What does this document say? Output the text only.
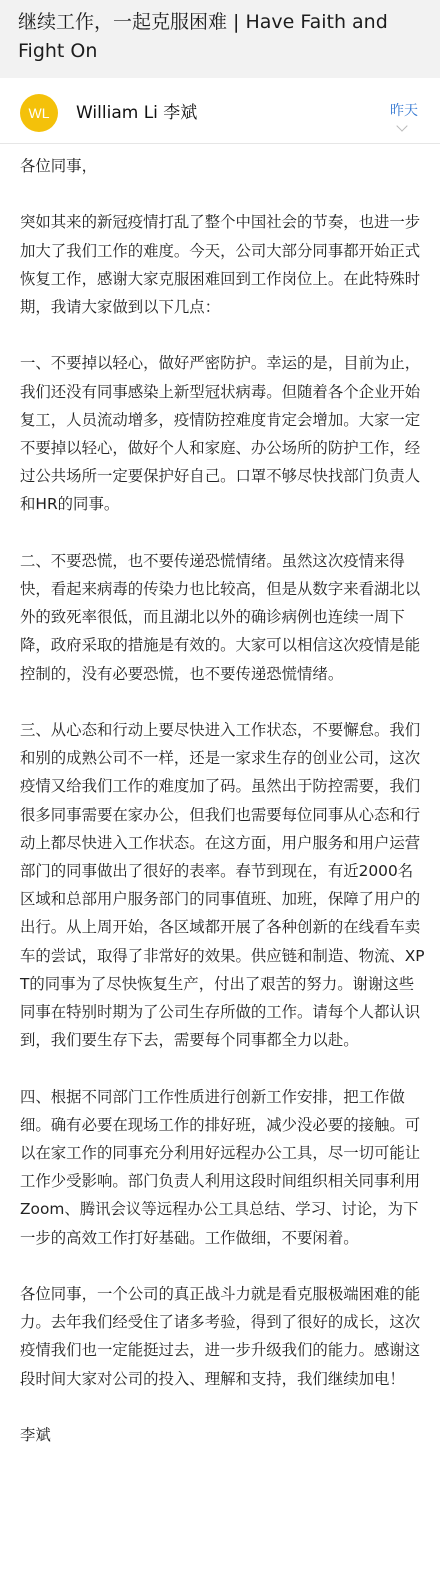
继续工作，一起克服困难 | Have Faith and Fight On
WL	William Li 李斌	昨天

各位同事，

突如其来的新冠疫情打乱了整个中国社会的节奏，也进一步加大了我们工作的难度。今天，公司大部分同事都开始正式恢复工作，感谢大家克服困难回到工作岗位上。在此特殊时期，我请大家做到以下几点：

一、不要掉以轻心，做好严密防护。幸运的是，目前为止，我们还没有同事感染上新型冠状病毒。但随着各个企业开始复工，人员流动增多，疫情防控难度肯定会增加。大家一定不要掉以轻心，做好个人和家庭、办公场所的防护工作，经过公共场所一定要保护好自己。口罩不够尽快找部门负责人和HR的同事。

二、不要恐慌，也不要传递恐慌情绪。虽然这次疫情来得快，看起来病毒的传染力也比较高，但是从数字来看湖北以外的致死率很低，而且湖北以外的确诊病例也连续一周下降，政府采取的措施是有效的。大家可以相信这次疫情是能控制的，没有必要恐慌，也不要传递恐慌情绪。

三、从心态和行动上要尽快进入工作状态，不要懈怠。我们和别的成熟公司不一样，还是一家求生存的创业公司，这次疫情又给我们工作的难度加了码。虽然出于防控需要，我们很多同事需要在家办公，但我们也需要每位同事从心态和行动上都尽快进入工作状态。在这方面，用户服务和用户运营部门的同事做出了很好的表率。春节到现在，有近2000名区域和总部用户服务部门的同事值班、加班，保障了用户的出行。从上周开始，各区域都开展了各种创新的在线看车卖车的尝试，取得了非常好的效果。供应链和制造、物流、XPT的同事为了尽快恢复生产，付出了艰苦的努力。谢谢这些同事在特别时期为了公司生存所做的工作。请每个人都认识到，我们要生存下去，需要每个同事都全力以赴。

四、根据不同部门工作性质进行创新工作安排，把工作做细。确有必要在现场工作的排好班，减少没必要的接触。可以在家工作的同事充分利用好远程办公工具，尽一切可能让工作少受影响。部门负责人利用这段时间组织相关同事利用Zoom、腾讯会议等远程办公工具总结、学习、讨论，为下一步的高效工作打好基础。工作做细，不要闲着。

各位同事，一个公司的真正战斗力就是看克服极端困难的能力。去年我们经受住了诸多考验，得到了很好的成长，这次疫情我们也一定能挺过去，进一步升级我们的能力。感谢这段时间大家对公司的投入、理解和支持，我们继续加电！

李斌
